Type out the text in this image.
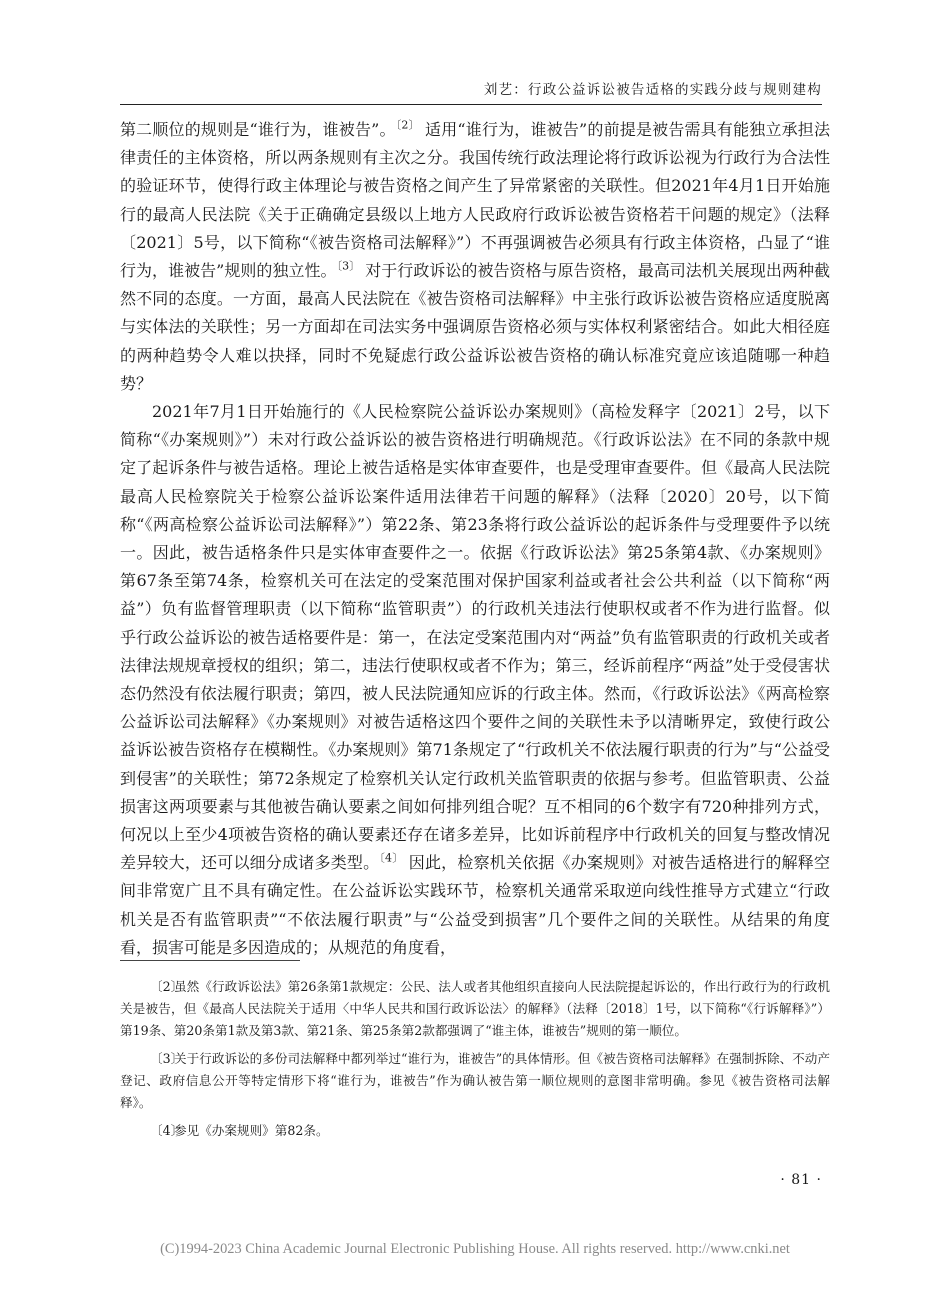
刘艺：行政公益诉讼被告适格的实践分歧与规则建构

第二顺位的规则是“谁行为，谁被告”。$^{〔2〕}$ 适用“谁行为，谁被告”的前提是被告需具有能独立承担法律责任的主体资格，所以两条规则有主次之分。我国传统行政法理论将行政诉讼视为行政行为合法性的验证环节，使得行政主体理论与被告资格之间产生了异常紧密的关联性。但2021年4月1日开始施行的最高人民法院《关于正确确定县级以上地方人民政府行政诉讼被告资格若干问题的规定》（法释〔2021〕5号，以下简称“《被告资格司法解释》”）不再强调被告必须具有行政主体资格，凸显了“谁行为，谁被告”规则的独立性。$^{〔3〕}$ 对于行政诉讼的被告资格与原告资格，最高司法机关展现出两种截然不同的态度。一方面，最高人民法院在《被告资格司法解释》中主张行政诉讼被告资格应适度脱离与实体法的关联性；另一方面却在司法实务中强调原告资格必须与实体权利紧密结合。如此大相径庭的两种趋势令人难以抉择，同时不免疑虑行政公益诉讼被告资格的确认标准究竟应该追随哪一种趋势？

2021年7月1日开始施行的《人民检察院公益诉讼办案规则》（高检发释字〔2021〕2号，以下简称“《办案规则》”）未对行政公益诉讼的被告资格进行明确规范。《行政诉讼法》在不同的条款中规定了起诉条件与被告适格。理论上被告适格是实体审查要件，也是受理审查要件。但《最高人民法院最高人民检察院关于检察公益诉讼案件适用法律若干问题的解释》（法释〔2020〕20号，以下简称“《两高检察公益诉讼司法解释》”）第22条、第23条将行政公益诉讼的起诉条件与受理要件予以统一。因此，被告适格条件只是实体审查要件之一。依据《行政诉讼法》第25条第4款、《办案规则》第67条至第74条，检察机关可在法定的受案范围对保护国家利益或者社会公共利益（以下简称“两益”）负有监督管理职责（以下简称“监管职责”）的行政机关违法行使职权或者不作为进行监督。似乎行政公益诉讼的被告适格要件是：第一，在法定受案范围内对“两益”负有监管职责的行政机关或者法律法规规章授权的组织；第二，违法行使职权或者不作为；第三，经诉前程序“两益”处于受侵害状态仍然没有依法履行职责；第四，被人民法院通知应诉的行政主体。然而，《行政诉讼法》《两高检察公益诉讼司法解释》《办案规则》对被告适格这四个要件之间的关联性未予以清晰界定，致使行政公益诉讼被告资格存在模糊性。《办案规则》第71条规定了“行政机关不依法履行职责的行为”与“公益受到侵害”的关联性；第72条规定了检察机关认定行政机关监管职责的依据与参考。但监管职责、公益损害这两项要素与其他被告确认要素之间如何排列组合呢？互不相同的6个数字有720种排列方式，何况以上至少4项被告资格的确认要素还存在诸多差异，比如诉前程序中行政机关的回复与整改情况差异较大，还可以细分成诸多类型。$^{〔4〕}$ 因此，检察机关依据《办案规则》对被告适格进行的解释空间非常宽广且不具有确定性。在公益诉讼实践环节，检察机关通常采取逆向线性推导方式建立“行政机关是否有监管职责”“不依法履行职责”与“公益受到损害”几个要件之间的关联性。从结果的角度看，损害可能是多因造成的；从规范的角度看，

〔2〕虽然《行政诉讼法》第26条第1款规定：公民、法人或者其他组织直接向人民法院提起诉讼的，作出行政行为的行政机关是被告，但《最高人民法院关于适用〈中华人民共和国行政诉讼法〉的解释》（法释〔2018〕1号，以下简称“《行诉解释》”）第19条、第20条第1款及第3款、第21条、第25条第2款都强调了“谁主体，谁被告”规则的第一顺位。

〔3〕关于行政诉讼的多份司法解释中都列举过“谁行为，谁被告”的具体情形。但《被告资格司法解释》在强制拆除、不动产登记、政府信息公开等特定情形下将“谁行为，谁被告”作为确认被告第一顺位规则的意图非常明确。参见《被告资格司法解释》。

〔4〕参见《办案规则》第82条。

· 81 ·
(C)1994-2023 China Academic Journal Electronic Publishing House. All rights reserved. http://www.cnki.net
